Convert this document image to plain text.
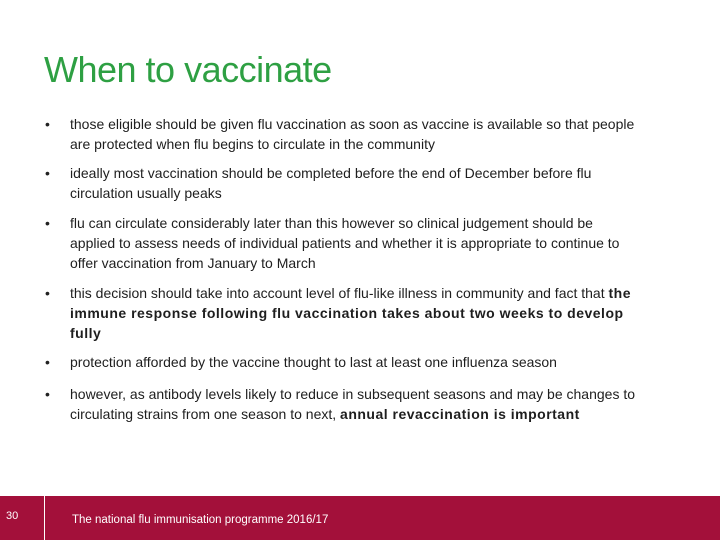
When to vaccinate
• those eligible should be given flu vaccination as soon as vaccine is available so that people are protected when flu begins to circulate in the community
• ideally most vaccination should be completed before the end of December before flu circulation usually peaks
• flu can circulate considerably later than this however so clinical judgement should be applied to assess needs of individual patients and whether it is appropriate to continue to offer vaccination from January to March
• this decision should take into account level of flu-like illness in community and fact that the immune response following flu vaccination takes about two weeks to develop fully
• protection afforded by the vaccine thought to last at least one influenza season
• however, as antibody levels likely to reduce in subsequent seasons and may be changes to circulating strains from one season to next, annual revaccination is important
30	The national flu immunisation programme 2016/17
